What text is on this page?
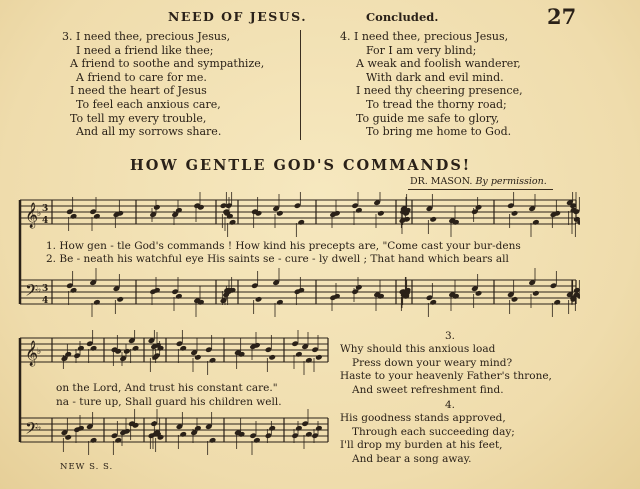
NEED OF JESUS.	Concluded.	27
3. I need thee, precious Jesus,
I need a friend like thee;
A friend to soothe and sympathize,
A friend to care for me.
I need the heart of Jesus
To feel each anxious care,
To tell my every trouble,
And all my sorrows share.
4. I need thee, precious Jesus,
For I am very blind;
A weak and foolish wanderer,
With dark and evil mind.
I need thy cheering presence,
To tread the thorny road;
To guide me safe to glory,
To bring me home to God.
HOW GENTLE GOD'S COMMANDS!
DR. MASON. By permission.
𝄞
𝄢
3
4
3
4
♭
♭
1. How gen - tle God's commands ! How kind his precepts are, "Come cast your bur-dens
2. Be - neath his watchful eye His saints se - cure - ly dwell ; That hand which bears all
𝄞
𝄢
♭
♭
on the Lord, And trust his constant care."
na - ture up, Shall guard his children well.
3.
Why should this anxious load
Press down your weary mind?
Haste to your heavenly Father's throne,
And sweet refreshment find.
4.
His goodness stands approved,
Through each succeeding day;
I'll drop my burden at his feet,
And bear a song away.
NEW S. S.
